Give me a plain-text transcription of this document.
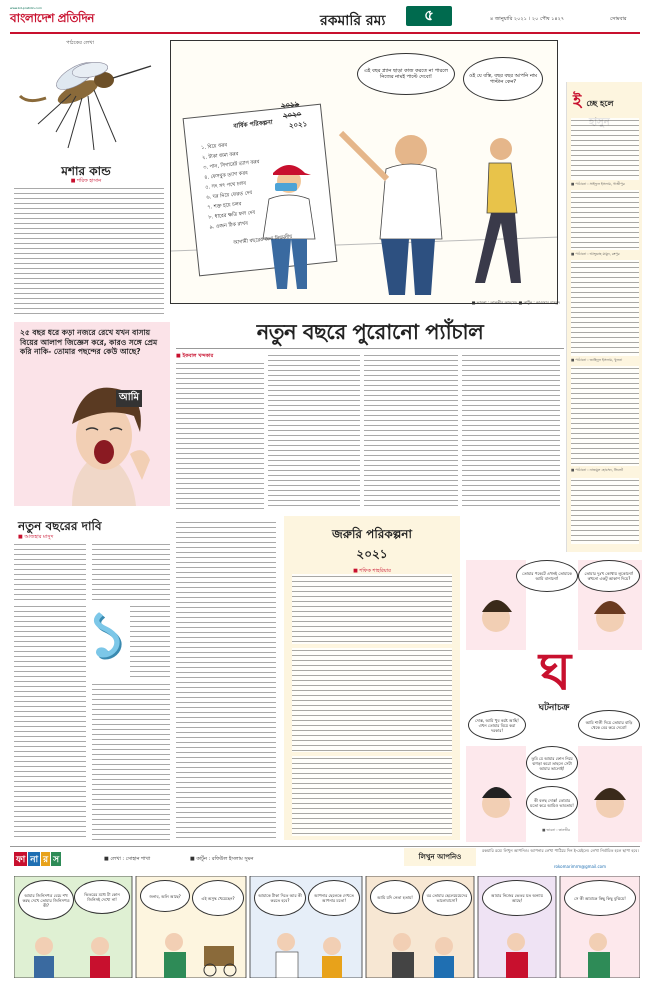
www.bd-pratidin.com
বাংলাদেশ প্রতিদিন	রকমারি রম্য	৫	৪ জানুয়ারি ২০২১ । ২০ পৌষ ১৪২৭	সোমবার
পাঠকের লেখা
মশার কান্ড
■ শরিফ হাসান
বার্ষিক পরিকল্পনা
২০১৯
২০২০
২০২১
১. বিয়ে করব
২. টাকা জমা করব
৩. পান, সিগারেট ত্যাগ করব
৪. ফেসবুক ত্যাগ করব
৫. সৎ সৎ পথে চলব
৬. ঘর নিয়ে ফেরত দেব
৭. শক্ত হয়ে চলব
৮. ধারের ক্ষতি ফল দেব
৯. ওজন ঠিক রাখব
আগামী বছরের জন্য নিয়মনীয়
এই বছর প্ল্যান ছাড়া কাজ করতে না পারলে নিজের নামই পাল্টে দেবো!	ওই যে বস্তি, বছর বছর আপনি নাম পাল্টান কেন?
■ ভাবনা : তানভীর আহমেদ ■ কার্টুন : কাওসার মাহমুদ
ই চ্ছে হলে
■ পাঠানো : সাইফুল ইসলাম, গাজীপুর
■ পাঠানো : আব্দুল্লাহ মামুন, রংপুর
■ পাঠানো : জাহিদুল ইসলাম, খুলনা
■ পাঠানো : নাজমুল হোসেন, সিলেট
নতুন বছরে পুরোনো প্যাঁচাল
■ ইকবাল খন্দকার
২৫ বছর ধরে কড়া নজরে রেখে যখন বাসায় বিয়ের আলাপ জিজ্ঞেস করে, কারও সঙ্গে প্রেম করি নাকি- তোমার পছন্দের কেউ আছে?
আমি
নতুন বছরের দাবি
■ আজহার মাসুদ
১
জরুরি পরিকল্পনা
২০২১
■ শফিক শাহরিয়ার	তোমার পকেটে এখনই তোমাকে আমি বানানো!
তোমার দুঃখ কোথায় লুকোনো! কখনো একটু আকাশ দিয়ে?
দোস্ত, আমি খুব কষ্টে আছি! এখন তোমার বিয়ে করা দরকার!
আমি শালী দিয়ে তোমার বাড়ি থেকে বের করে দেবো!
তুমি যে আমার ফোন নিয়ে ঝগড়া করো তাহলে সেটা আমার ভালোই!
কী বলছ দোস্ত! তোমার মতো করে আমিও ভাবতাম!
ঘ
ঘটনাচক্র
■ ভাবনা : তানভীর
ফা না র স	■ লেখা : সোহান শাখা	■ কার্টুন : রফিউল ইসলাম সুমন	লিখুন আপনিও
রকমারি রম্যে লিখুন আপনিও। আপনার লেখা পাঠিয়ে দিন ই-মেইলে। লেখা নির্বাচিত হলে ছাপা হবে।
rokomarimrm@gmail.com
আমার জিনিসপত্র বেচে শখ করছ দেখে তোমার জিনিসপত্র কী?
ভিতরের মধ্যে টা কোন জিনিসই দেখো না!
জনাব, অলি আছে?	এই অসুস্থ খেয়েছেন?	আমাকে টাকা দিতে আর কী করতে হবে?
আপনার ছেলেকে দেখতে আপনার মতো!
আমি যদি নেতা হতাম!	বর তোমার ছেলেমেয়েদের ভালোবাসো?
আমার নিজের ভেতর যত অন্যায় আছে!	সে কী আমাকে কিছু কিছু বুঝিয়ে!
